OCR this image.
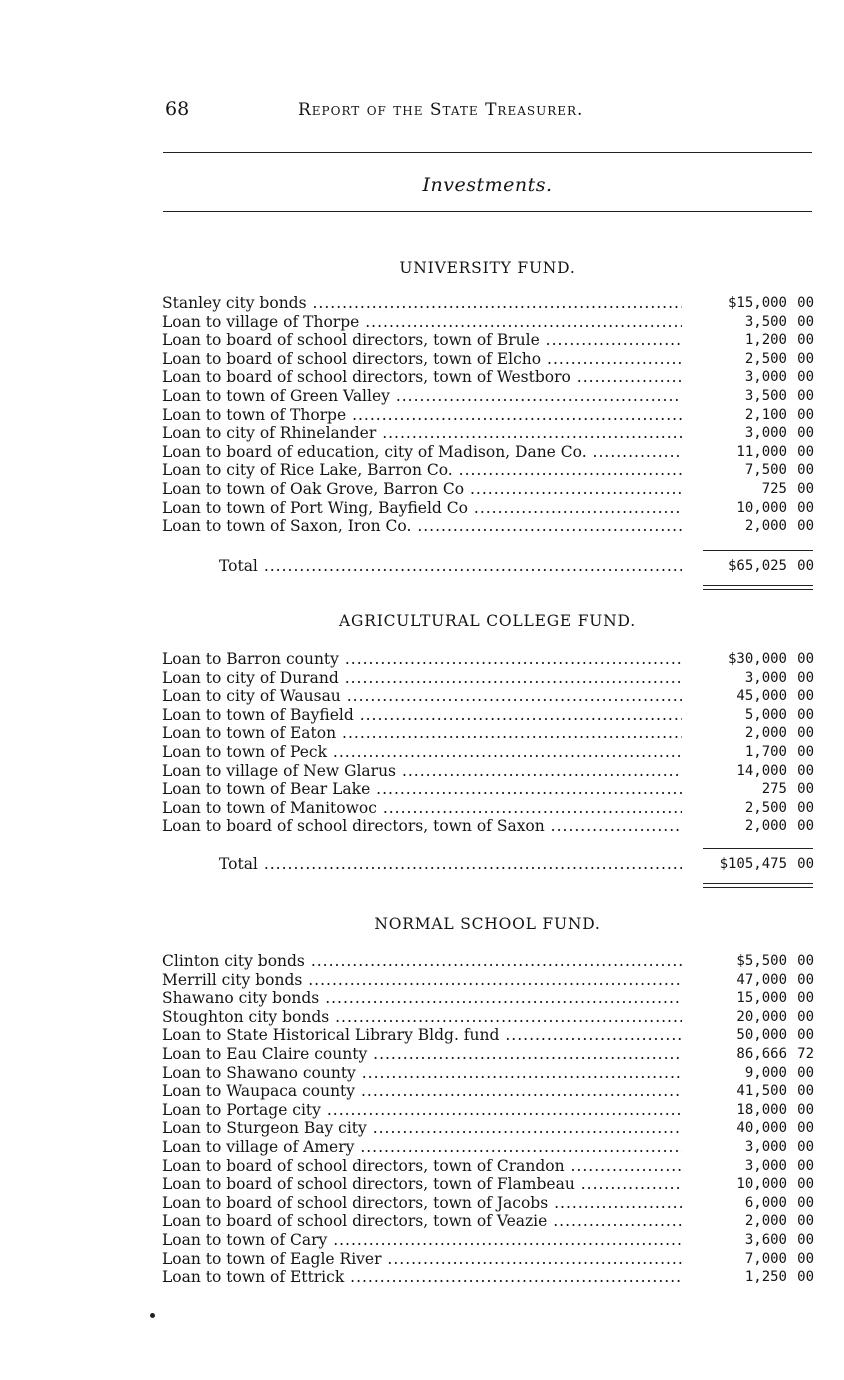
68	Report of the State Treasurer.
Investments.
UNIVERSITY FUND.
Stanley city bonds .....	$15,000 00
Loan to village of Thorpe .....	3,500 00
Loan to board of school directors, town of Brule .....	1,200 00
Loan to board of school directors, town of Elcho .....	2,500 00
Loan to board of school directors, town of Westboro .....	3,000 00
Loan to town of Green Valley .....	3,500 00
Loan to town of Thorpe .....	2,100 00
Loan to city of Rhinelander .....	3,000 00
Loan to board of education, city of Madison, Dane Co. .....	11,000 00
Loan to city of Rice Lake, Barron Co. .....	7,500 00
Loan to town of Oak Grove, Barron Co .....	725 00
Loan to town of Port Wing, Bayfield Co .....	10,000 00
Loan to town of Saxon, Iron Co. .....	2,000 00
Total .....	$65,025 00
AGRICULTURAL COLLEGE FUND.
Loan to Barron county .....	$30,000 00
Loan to city of Durand .....	3,000 00
Loan to city of Wausau .....	45,000 00
Loan to town of Bayfield .....	5,000 00
Loan to town of Eaton .....	2,000 00
Loan to town of Peck .....	1,700 00
Loan to village of New Glarus .....	14,000 00
Loan to town of Bear Lake .....	275 00
Loan to town of Manitowoc .....	2,500 00
Loan to board of school directors, town of Saxon .....	2,000 00
Total .....	$105,475 00
NORMAL SCHOOL FUND.
Clinton city bonds .....	$5,500 00
Merrill city bonds .....	47,000 00
Shawano city bonds .....	15,000 00
Stoughton city bonds .....	20,000 00
Loan to State Historical Library Bldg. fund .....	50,000 00
Loan to Eau Claire county .....	86,666 72
Loan to Shawano county .....	9,000 00
Loan to Waupaca county .....	41,500 00
Loan to Portage city .....	18,000 00
Loan to Sturgeon Bay city .....	40,000 00
Loan to village of Amery .....	3,000 00
Loan to board of school directors, town of Crandon .....	3,000 00
Loan to board of school directors, town of Flambeau .....	10,000 00
Loan to board of school directors, town of Jacobs .....	6,000 00
Loan to board of school directors, town of Veazie .....	2,000 00
Loan to town of Cary .....	3,600 00
Loan to town of Eagle River .....	7,000 00
Loan to town of Ettrick .....	1,250 00
